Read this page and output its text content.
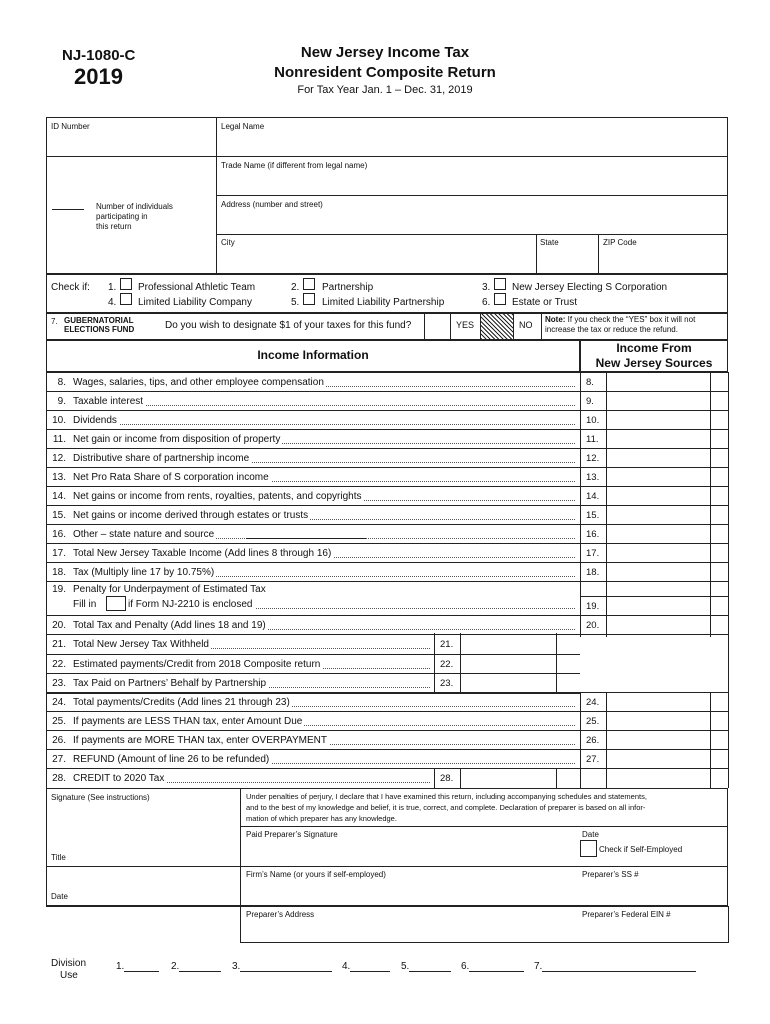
NJ-1080-C
2019
New Jersey Income Tax
Nonresident Composite Return
For Tax Year Jan. 1 – Dec. 31, 2019
ID Number	Legal Name
Trade Name (if different from legal name)
Address (number and street)
City	State	ZIP Code
Number of individuals
participating in
this return
Check if: 1. Professional Athletic Team
4. Limited Liability Company
2. Partnership
5. Limited Liability Partnership
3. New Jersey Electing S Corporation
6. Estate or Trust
7. GUBERNATORIAL
ELECTIONS FUND	Do you wish to designate $1 of your taxes for this fund?	YES	NO
Note: If you check the “YES” box it will not
increase the tax or reduce the refund.
Income Information	Income From
New Jersey Sources
8. Wages, salaries, tips, and other employee compensation	8.
9. Taxable interest	9.
10. Dividends	10.
11. Net gain or income from disposition of property	11.
12. Distributive share of partnership income	12.
13. Net Pro Rata Share of S corporation income	13.
14. Net gains or income from rents, royalties, patents, and copyrights	14.
15. Net gains or income derived through estates or trusts	15.
16. Other – state nature and source	16.
17. Total New Jersey Taxable Income (Add lines 8 through 16)	17.
18. Tax (Multiply line 17 by 10.75%)	18.
19. Penalty for Underpayment of Estimated Tax
Fill in	if Form NJ-2210 is enclosed	19.
20. Total Tax and Penalty (Add lines 18 and 19)	20.
21. Total New Jersey Tax Withheld	21.
22. Estimated payments/Credit from 2018 Composite return	22.
23. Tax Paid on Partners’ Behalf by Partnership	23.
24. Total payments/Credits (Add lines 21 through 23)	24.
25. If payments are LESS THAN tax, enter Amount Due	25.
26. If payments are MORE THAN tax, enter OVERPAYMENT	26.
27. REFUND (Amount of line 26 to be refunded)	27.
28. CREDIT to 2020 Tax	28.
Signature (See instructions)
Title
Date
Under penalties of perjury, I declare that I have examined this return, including accompanying schedules and statements,
and to the best of my knowledge and belief, it is true, correct, and complete. Declaration of preparer is based on all infor-
mation of which preparer has any knowledge.
Paid Preparer’s Signature	Date
Check if Self-Employed
Firm’s Name (or yours if self-employed)	Preparer’s SS #
Preparer’s Address	Preparer’s Federal EIN #
Division
Use
1.	2.	3.	4.	5.	6.	7.
